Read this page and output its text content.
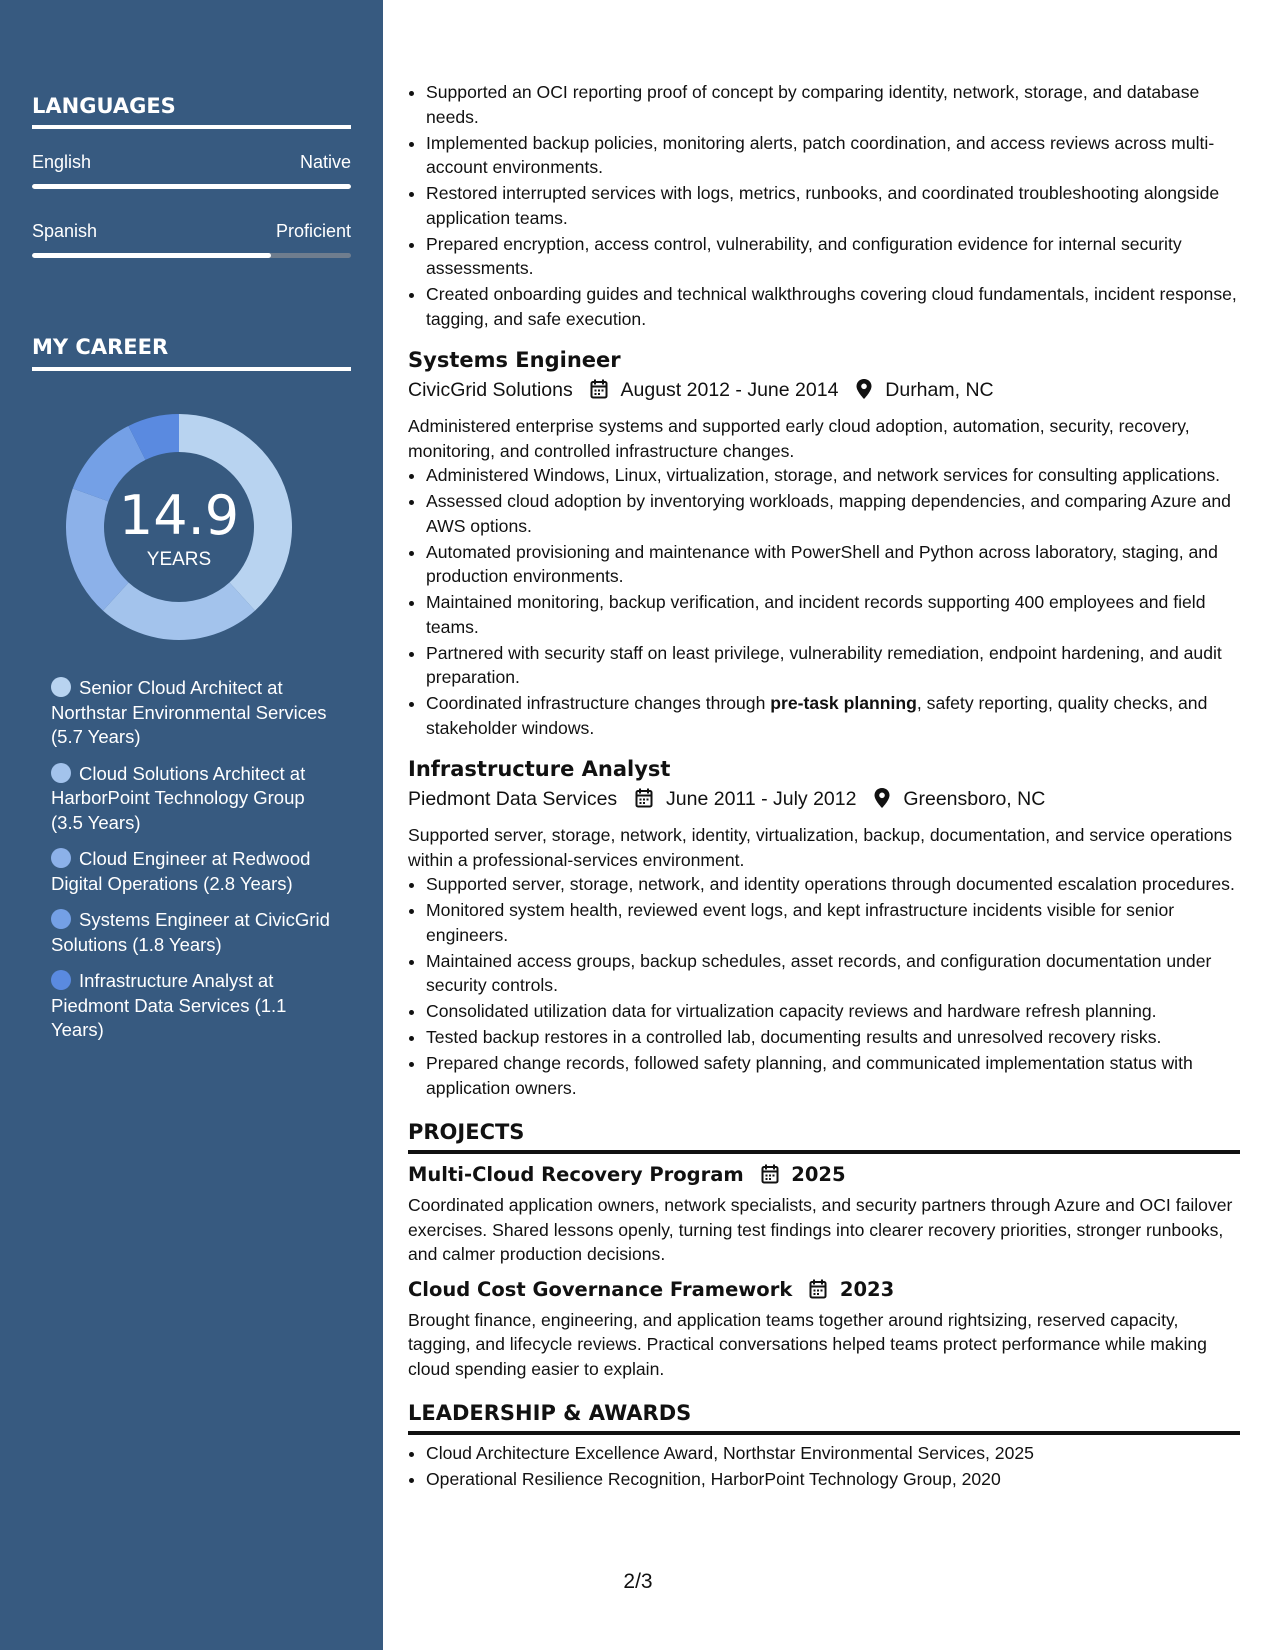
LANGUAGES
English	Native
Spanish	Proficient
MY CAREER
14.9
YEARS
Senior Cloud Architect at Northstar Environmental Services (5.7 Years)
Cloud Solutions Architect at HarborPoint Technology Group (3.5 Years)
Cloud Engineer at Redwood Digital Operations (2.8 Years)
Systems Engineer at CivicGrid Solutions (1.8 Years)
Infrastructure Analyst at Piedmont Data Services (1.1 Years)
• Supported an OCI reporting proof of concept by comparing identity, network, storage, and database needs.
• Implemented backup policies, monitoring alerts, patch coordination, and access reviews across multi-account environments.
• Restored interrupted services with logs, metrics, runbooks, and coordinated troubleshooting alongside application teams.
• Prepared encryption, access control, vulnerability, and configuration evidence for internal security assessments.
• Created onboarding guides and technical walkthroughs covering cloud fundamentals, incident response, tagging, and safe execution.
Systems Engineer
CivicGrid Solutions August 2012 - June 2014 Durham, NC
Administered enterprise systems and supported early cloud adoption, automation, security, recovery, monitoring, and controlled infrastructure changes.
• Administered Windows, Linux, virtualization, storage, and network services for consulting applications.
• Assessed cloud adoption by inventorying workloads, mapping dependencies, and comparing Azure and AWS options.
• Automated provisioning and maintenance with PowerShell and Python across laboratory, staging, and production environments.
• Maintained monitoring, backup verification, and incident records supporting 400 employees and field teams.
• Partnered with security staff on least privilege, vulnerability remediation, endpoint hardening, and audit preparation.
• Coordinated infrastructure changes through pre-task planning, safety reporting, quality checks, and stakeholder windows.
Infrastructure Analyst
Piedmont Data Services	June 2011 - July 2012 Greensboro, NC
Supported server, storage, network, identity, virtualization, backup, documentation, and service operations within a professional-services environment.
• Supported server, storage, network, and identity operations through documented escalation procedures.
• Monitored system health, reviewed event logs, and kept infrastructure incidents visible for senior engineers.
• Maintained access groups, backup schedules, asset records, and configuration documentation under security controls.
• Consolidated utilization data for virtualization capacity reviews and hardware refresh planning.
• Tested backup restores in a controlled lab, documenting results and unresolved recovery risks.
• Prepared change records, followed safety planning, and communicated implementation status with application owners.
PROJECTS
Multi-Cloud Recovery Program 2025
Coordinated application owners, network specialists, and security partners through Azure and OCI failover exercises. Shared lessons openly, turning test findings into clearer recovery priorities, stronger runbooks, and calmer production decisions.
Cloud Cost Governance Framework 2023
Brought finance, engineering, and application teams together around rightsizing, reserved capacity, tagging, and lifecycle reviews. Practical conversations helped teams protect performance while making cloud spending easier to explain.
LEADERSHIP & AWARDS
• Cloud Architecture Excellence Award, Northstar Environmental Services, 2025
• Operational Resilience Recognition, HarborPoint Technology Group, 2020
2/3
